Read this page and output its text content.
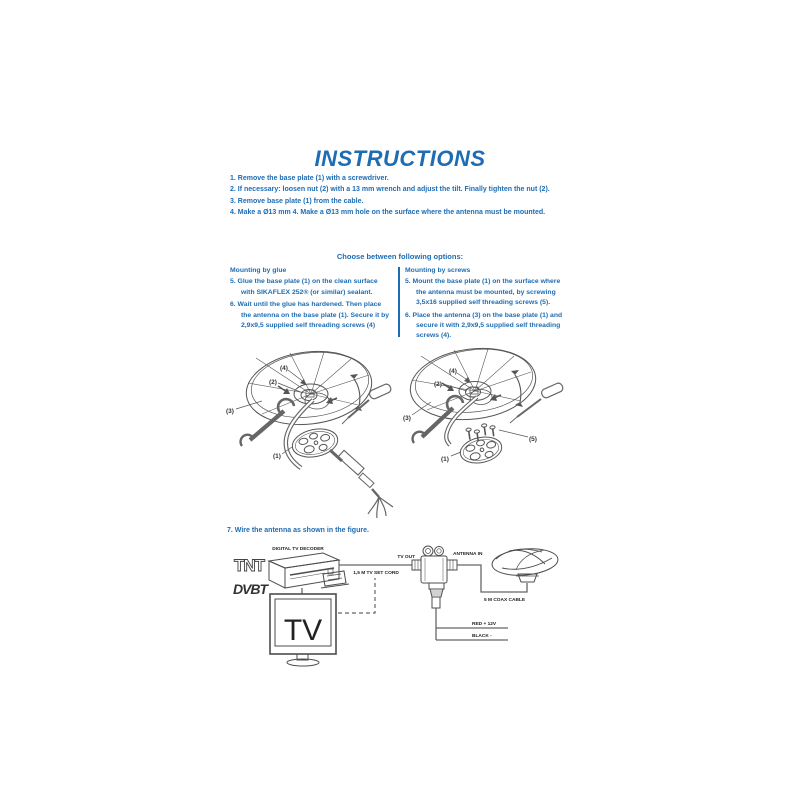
INSTRUCTIONS
1. Remove the base plate (1) with a screwdriver.
2. If necessary: loosen nut (2) with a 13 mm wrench and adjust the tilt. Finally tighten the nut (2).
3. Remove base plate (1) from the cable.
4. Make a Ø13 mm 4. Make a Ø13 mm hole on the surface where the antenna must be mounted.
Choose between following options:
Mounting by glue
5. Glue the base plate (1) on the clean surface with SIKAFLEX 252® (or similar) sealant.
6. Wait until the glue has hardened. Then place the antenna on the base plate (1). Secure it by 2,9x9,5 supplied self threading screws (4)
Mounting by screws
5. Mount the base plate (1) on the surface where the antenna must be mounted, by screwing 3,5x16 supplied self threading screws (5).
6. Place the antenna (3) on the base plate (1) and secure it with 2,9x9,5 supplied self threading screws (4).
(4)
(2)
(3)
(1)
(4)
(2)
(3)
(1)
(5)
7. Wire the antenna as shown in the figure.
DIGITAL TV DECODER
TNT
DVBT
1,5 M TV SET CORD
TV OUT
ANTENNA IN
5 M COAX CABLE
TV	RED + 12V
BLACK -
